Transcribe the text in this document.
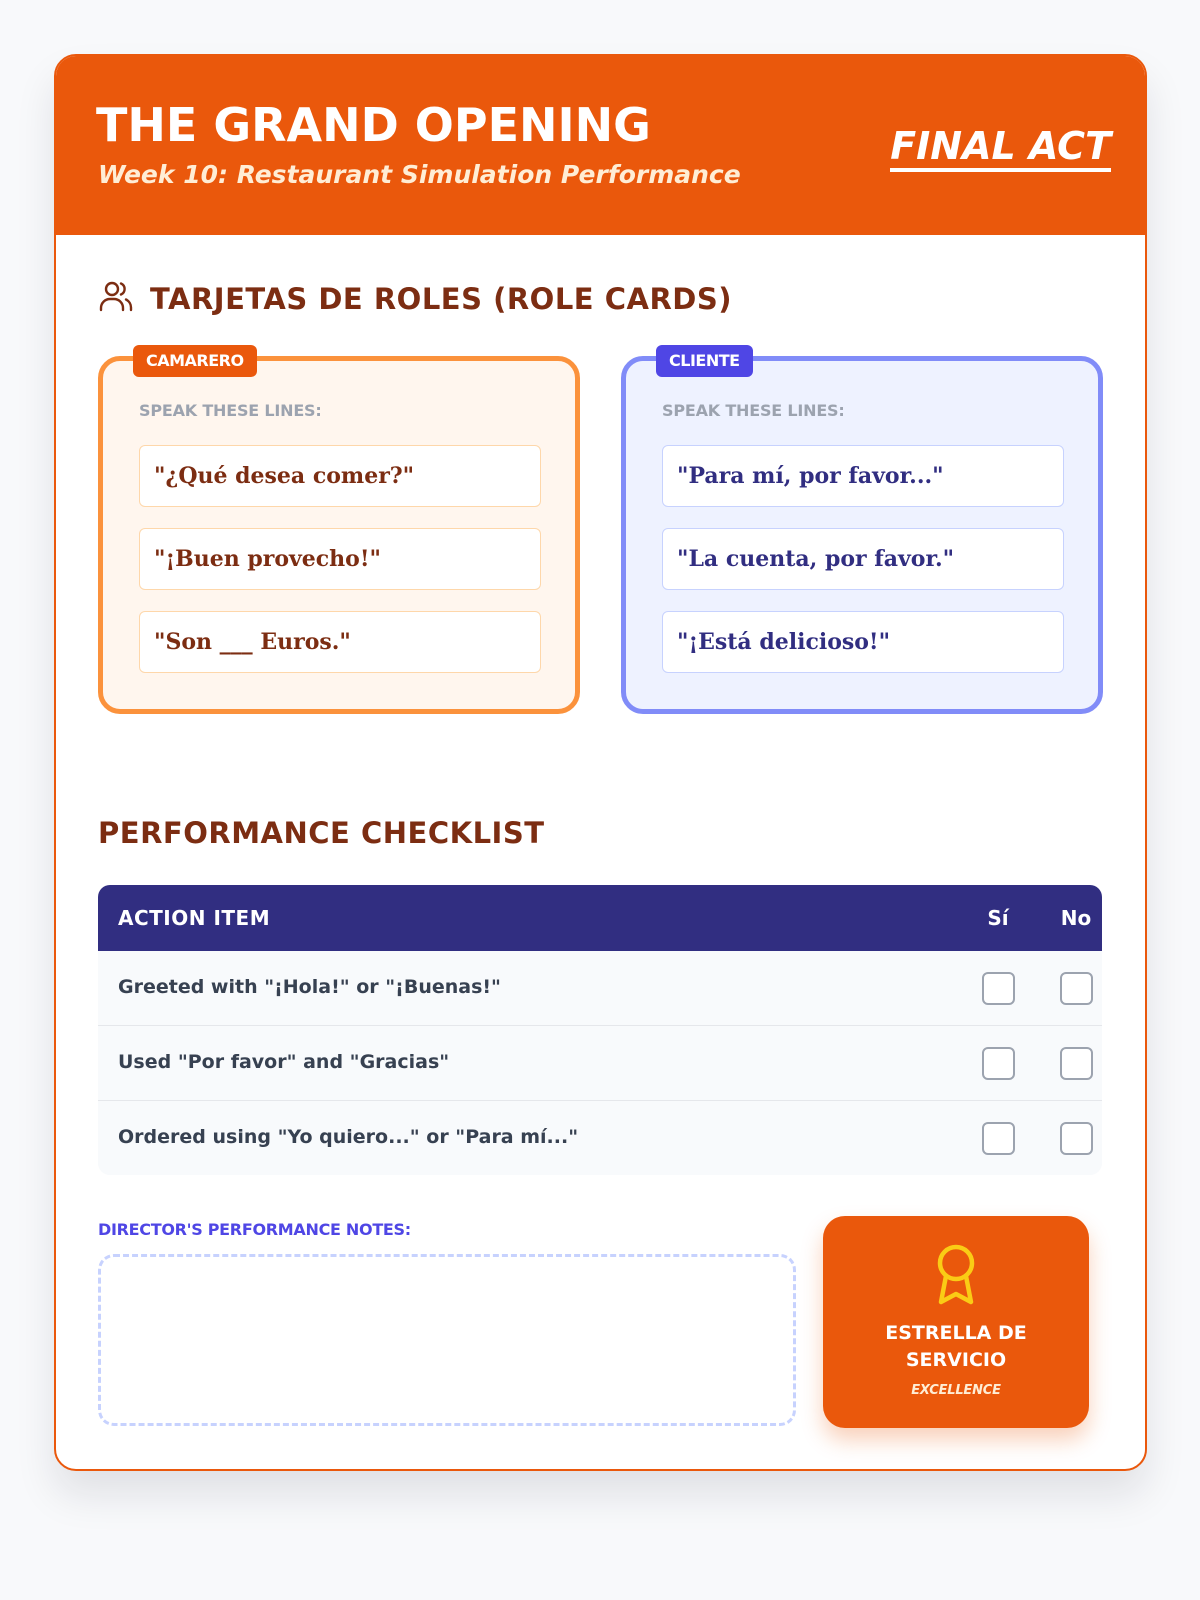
THE GRAND OPENING
Week 10: Restaurant Simulation Performance
FINAL ACT
TARJETAS DE ROLES (ROLE CARDS)
CAMARERO
SPEAK THESE LINES:
"¿Qué desea comer?"
"¡Buen provecho!"
"Son ___ Euros."
CLIENTE
SPEAK THESE LINES:
"Para mí, por favor..."
"La cuenta, por favor."
"¡Está delicioso!"
PERFORMANCE CHECKLIST
ACTION ITEM	Sí	No
Greeted with "¡Hola!" or "¡Buenas!"
Used "Por favor" and "Gracias"
Ordered using "Yo quiero..." or "Para mí..."
DIRECTOR'S PERFORMANCE NOTES:
ESTRELLA DE
SERVICIO
EXCELLENCE
